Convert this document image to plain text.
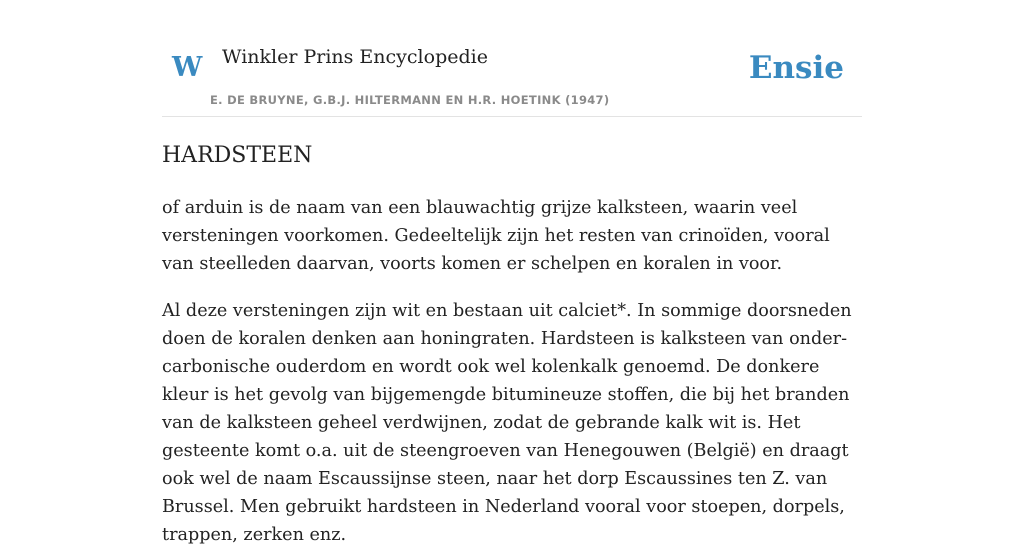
W Winkler Prins Encyclopedie
E. DE BRUYNE, G.B.J. HILTERMANN EN H.R. HOETINK (1947)
Ensie
HARDSTEEN

of arduin is de naam van een blauwachtig grijze kalksteen, waarin veel versteningen voorkomen. Gedeeltelijk zijn het resten van crinoïden, vooral van steelleden daarvan, voorts komen er schelpen en koralen in voor.

Al deze versteningen zijn wit en bestaan uit calciet*. In sommige doorsneden doen de koralen denken aan honingraten. Hardsteen is kalksteen van onder-carbonische ouderdom en wordt ook wel kolenkalk genoemd. De donkere kleur is het gevolg van bijgemengde bitumineuze stoffen, die bij het branden van de kalksteen geheel verdwijnen, zodat de gebrande kalk wit is. Het gesteente komt o.a. uit de steengroeven van Henegouwen (België) en draagt ook wel de naam Escaussijnse steen, naar het dorp Escaussines ten Z. van Brussel. Men gebruikt hardsteen in Nederland vooral voor stoepen, dorpels, trappen, zerken enz.
